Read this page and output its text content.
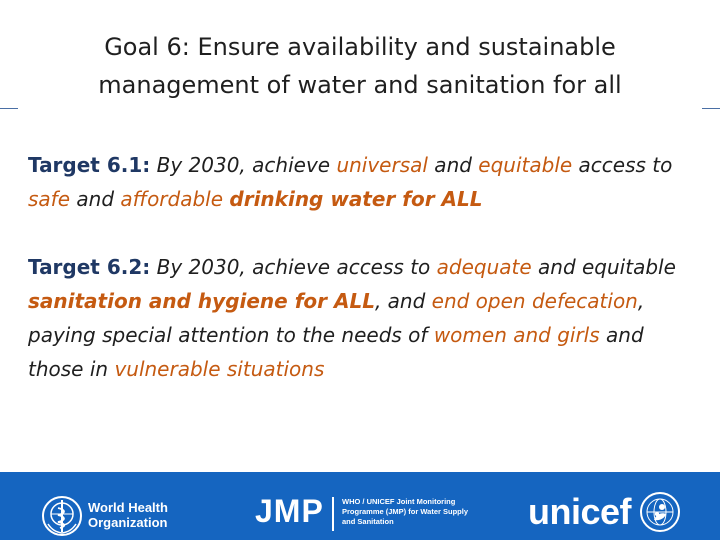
Goal 6: Ensure availability and sustainable
management of water and sanitation for all
Target 6.1: By 2030, achieve universal and equitable access to safe and affordable drinking water for ALL
Target 6.2: By 2030, achieve access to adequate and equitable sanitation and hygiene for ALL, and end open defecation, paying special attention to the needs of women and girls and those in vulnerable situations
World Health
Organization	JMP WHO / UNICEF Joint Monitoring
Programme (JMP) for Water Supply
and Sanitation	unicef
